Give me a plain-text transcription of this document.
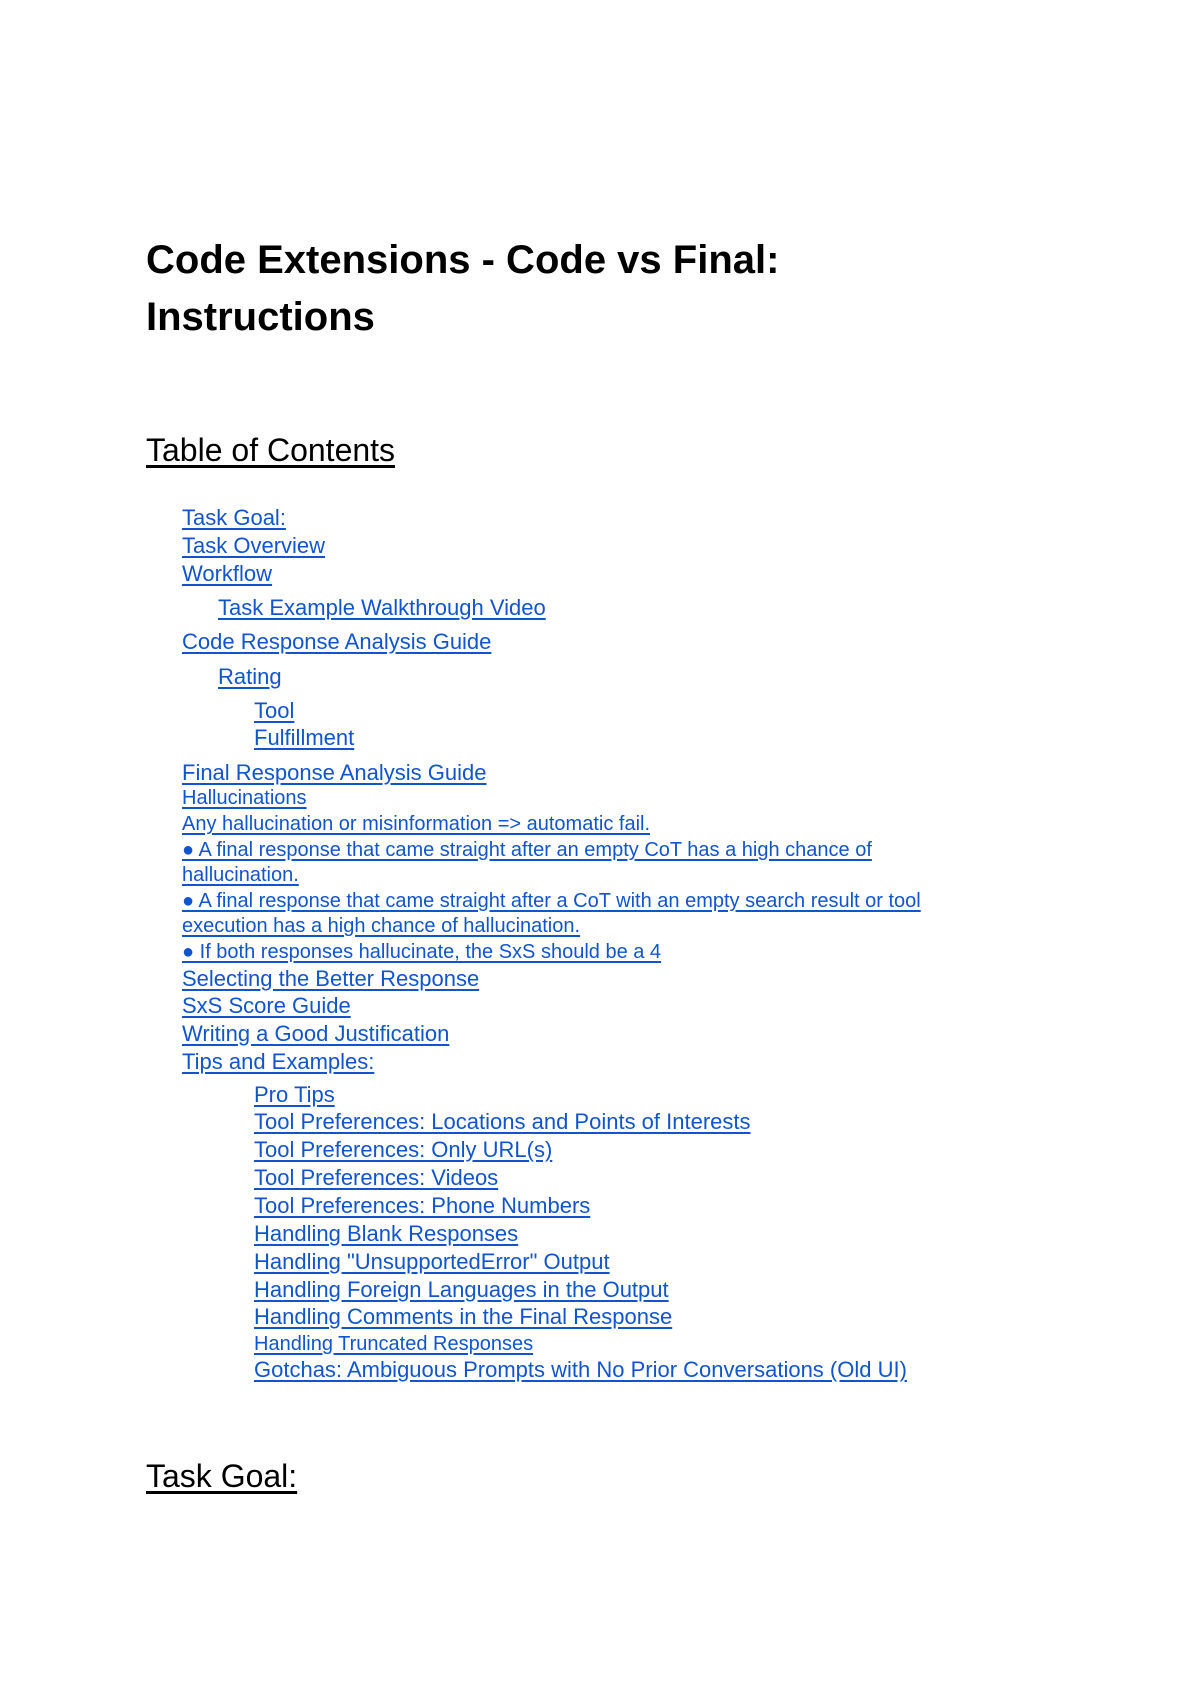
Code Extensions - Code vs Final:
Instructions
Table of Contents
Task Goal:
Task Overview
Workflow
Task Example Walkthrough Video
Code Response Analysis Guide
Rating
Tool
Fulfillment
Final Response Analysis Guide
Hallucinations
Any hallucination or misinformation => automatic fail.
● A final response that came straight after an empty CoT has a high chance of
hallucination.
● A final response that came straight after a CoT with an empty search result or tool
execution has a high chance of hallucination.
● If both responses hallucinate, the SxS should be a 4
Selecting the Better Response
SxS Score Guide
Writing a Good Justification
Tips and Examples:
Pro Tips
Tool Preferences: Locations and Points of Interests
Tool Preferences: Only URL(s)
Tool Preferences: Videos
Tool Preferences: Phone Numbers
Handling Blank Responses
Handling "UnsupportedError" Output
Handling Foreign Languages in the Output
Handling Comments in the Final Response
Handling Truncated Responses
Gotchas: Ambiguous Prompts with No Prior Conversations (Old UI)
Task Goal:
